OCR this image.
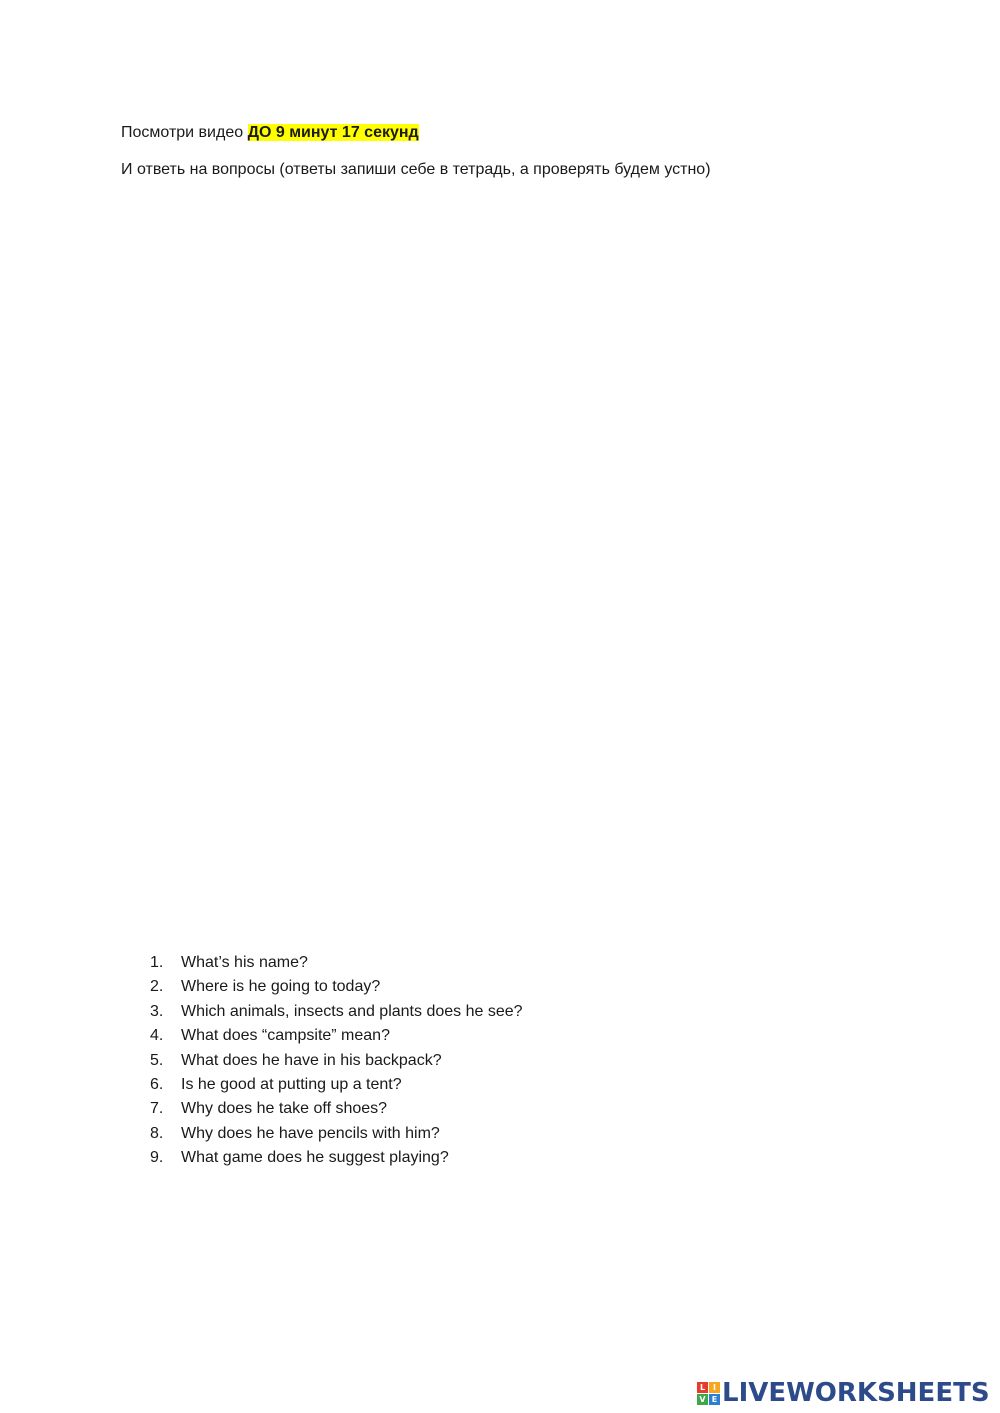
Посмотри видео ДО 9 минут 17 секунд
И ответь на вопросы (ответы запиши себе в тетрадь, а проверять будем устно)
1.	What’s his name?
2.	Where is he going to today?
3.	Which animals, insects and plants does he see?
4.	What does “campsite” mean?
5.	What does he have in his backpack?
6.	Is he good at putting up a tent?
7.	Why does he take off shoes?
8.	Why does he have pencils with him?
9.	What game does he suggest playing?
L I
V E LIVEWORKSHEETS
